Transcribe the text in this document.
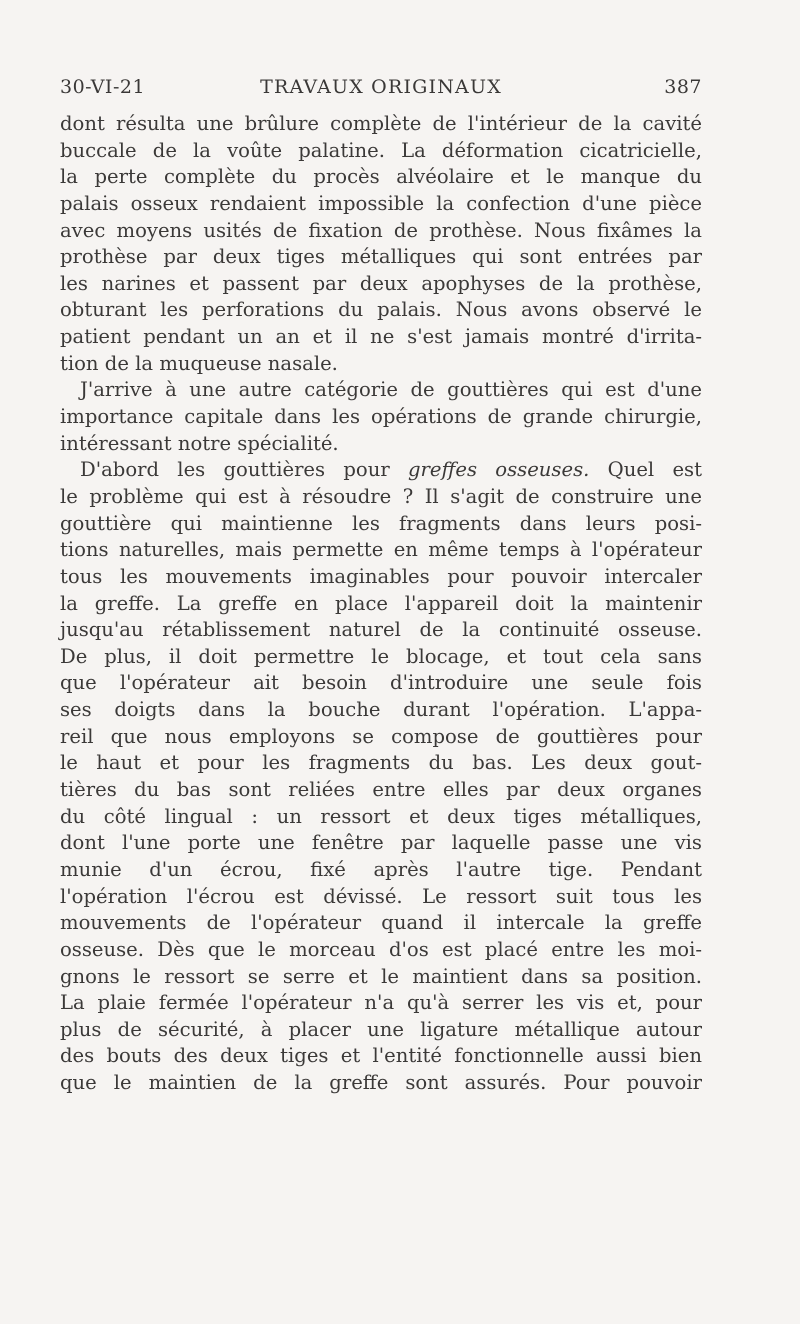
30-VI-21	TRAVAUX ORIGINAUX	387
dont résulta une brûlure complète de l'intérieur de la cavité
buccale de la voûte palatine. La déformation cicatricielle,
la perte complète du procès alvéolaire et le manque du
palais osseux rendaient impossible la confection d'une pièce
avec moyens usités de fixation de prothèse. Nous fixâmes la
prothèse par deux tiges métalliques qui sont entrées par
les narines et passent par deux apophyses de la prothèse,
obturant les perforations du palais. Nous avons observé le
patient pendant un an et il ne s'est jamais montré d'irrita-
tion de la muqueuse nasale.
J'arrive à une autre catégorie de gouttières qui est d'une
importance capitale dans les opérations de grande chirurgie,
intéressant notre spécialité.
D'abord les gouttières pour greffes osseuses. Quel est
le problème qui est à résoudre ? Il s'agit de construire une
gouttière qui maintienne les fragments dans leurs posi-
tions naturelles, mais permette en même temps à l'opérateur
tous les mouvements imaginables pour pouvoir intercaler
la greffe. La greffe en place l'appareil doit la maintenir
jusqu'au rétablissement naturel de la continuité osseuse.
De plus, il doit permettre le blocage, et tout cela sans
que l'opérateur ait besoin d'introduire une seule fois
ses doigts dans la bouche durant l'opération. L'appa-
reil que nous employons se compose de gouttières pour
le haut et pour les fragments du bas. Les deux gout-
tières du bas sont reliées entre elles par deux organes
du côté lingual : un ressort et deux tiges métalliques,
dont l'une porte une fenêtre par laquelle passe une vis
munie d'un écrou, fixé après l'autre tige. Pendant
l'opération l'écrou est dévissé. Le ressort suit tous les
mouvements de l'opérateur quand il intercale la greffe
osseuse. Dès que le morceau d'os est placé entre les moi-
gnons le ressort se serre et le maintient dans sa position.
La plaie fermée l'opérateur n'a qu'à serrer les vis et, pour
plus de sécurité, à placer une ligature métallique autour
des bouts des deux tiges et l'entité fonctionnelle aussi bien
que le maintien de la greffe sont assurés. Pour pouvoir
